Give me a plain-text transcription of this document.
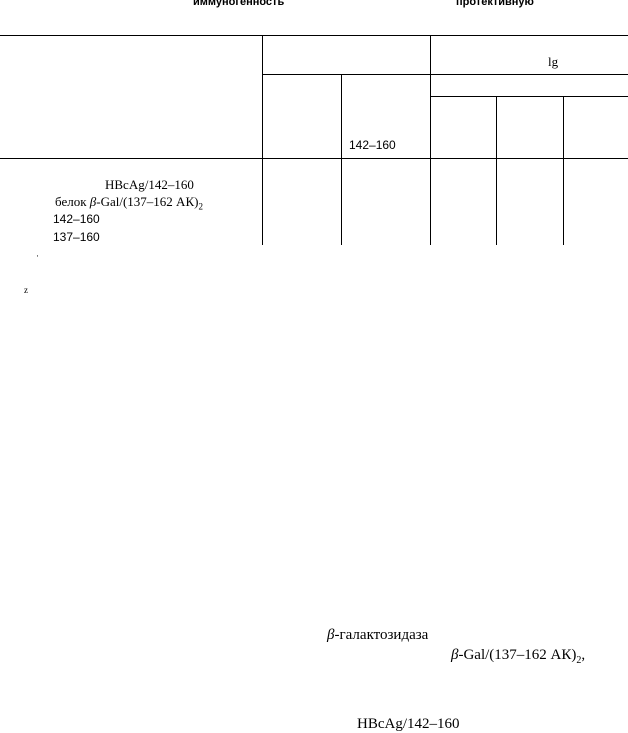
иммуногенность	протективную
lg
142–160
HBcAg/142–160
белок β-Gal/(137–162 $АК)_2$
142–160
137–160
·
z
β-галактозидаза
β-Gal/(137–162 $АК)_2$,
HBcAg/142–160
